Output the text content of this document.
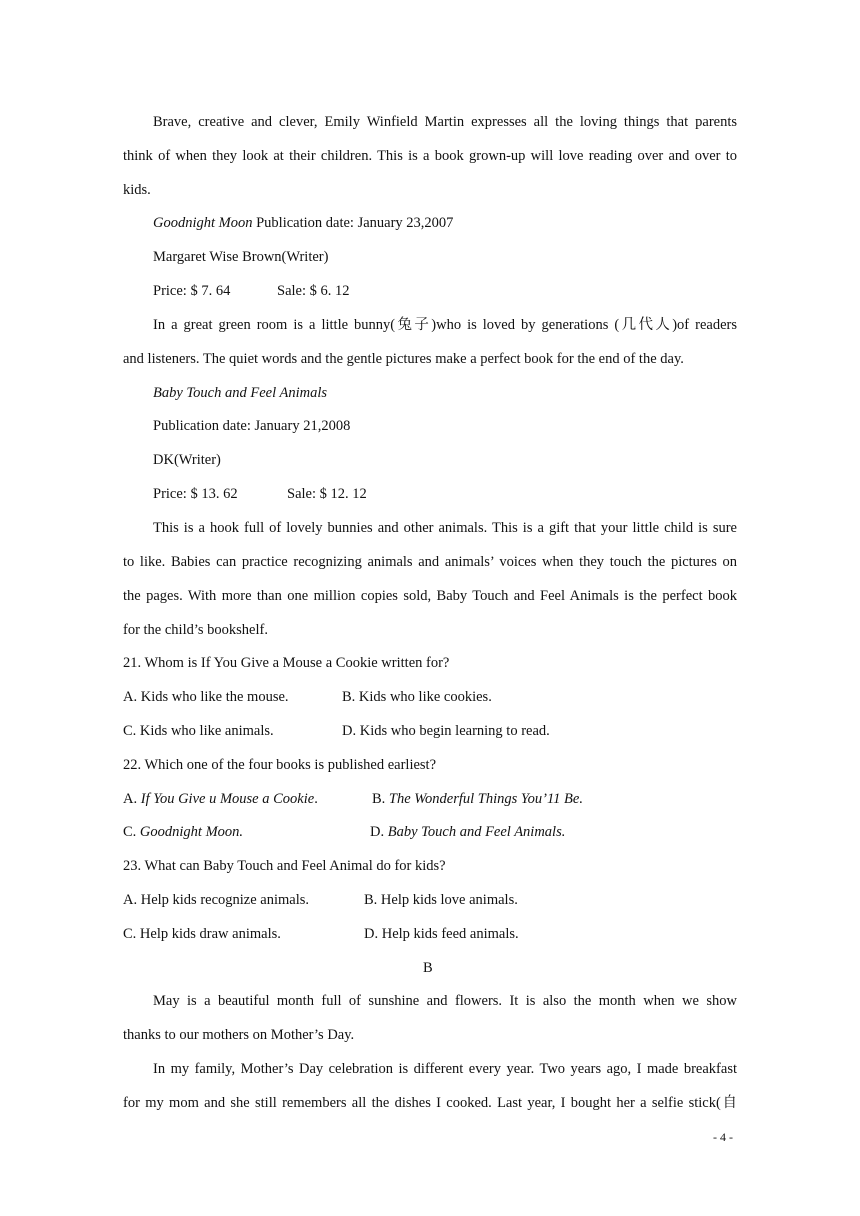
Brave, creative and clever, Emily Winfield Martin expresses all the loving things that parents
think of when they look at their children. This is a book grown-up will love reading over and over to
kids.
Goodnight Moon Publication date: January 23,2007
Margaret Wise Brown(Writer)
Price: $ 7. 64	Sale: $ 6. 12
In a great green room is a little bunny(兔子)who is loved by generations (几代人)of readers
and listeners. The quiet words and the gentle pictures make a perfect book for the end of the day.
Baby Touch and Feel Animals
Publication date: January 21,2008
DK(Writer)
Price: $ 13. 62	Sale: $ 12. 12
This is a hook full of lovely bunnies and other animals. This is a gift that your little child is sure
to like. Babies can practice recognizing animals and animals’ voices when they touch the pictures on
the pages. With more than one million copies sold, Baby Touch and Feel Animals is the perfect book
for the child’s bookshelf.
21. Whom is If You Give a Mouse a Cookie written for?
A. Kids who like the mouse.	B. Kids who like cookies.
C. Kids who like animals.	D. Kids who begin learning to read.
22. Which one of the four books is published earliest?
A. If You Give u Mouse a Cookie.	B. The Wonderful Things You’11 Be.
C. Goodnight Moon.	D. Baby Touch and Feel Animals.
23. What can Baby Touch and Feel Animal do for kids?
A. Help kids recognize animals.	B. Help kids love animals.
C. Help kids draw animals.	D. Help kids feed animals.
B
May is a beautiful month full of sunshine and flowers. It is also the month when we show
thanks to our mothers on Mother’s Day.
In my family, Mother’s Day celebration is different every year. Two years ago, I made breakfast
for my mom and she still remembers all the dishes I cooked. Last year, I bought her a selfie stick(自
- 4 -
